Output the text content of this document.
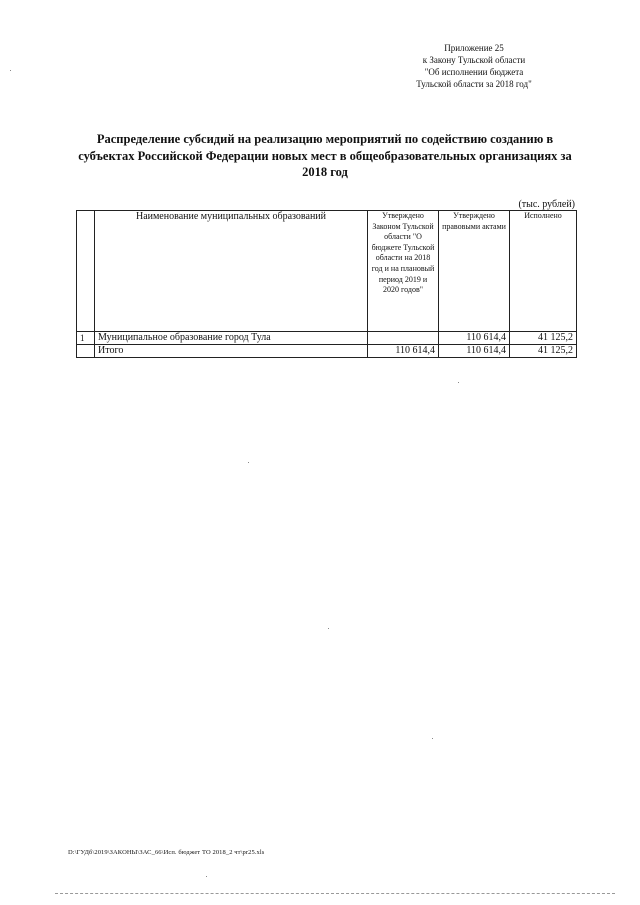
Приложение 25
к Закону Тульской области
"Об исполнении бюджета
Тульской области за 2018 год"
Распределение субсидий на реализацию мероприятий по содействию созданию в субъектах Российской Федерации новых мест в общеобразовательных организациях за 2018 год
(тыс. рублей)
	Наименование муниципальных образований	Утверждено Законом Тульской области "О бюджете Тульской области на 2018 год и на плановый период 2019 и 2020 годов"	Утверждено правовыми актами	Исполнено
1	Муниципальное образование город Тула		110 614,4	41 125,2
	Итого	110 614,4	110 614,4	41 125,2
D:\ГУДб\2019\ЗАКОНЫ\ЗАС_66\Исп. бюджет ТО 2018_2 чт\pr25.xls
